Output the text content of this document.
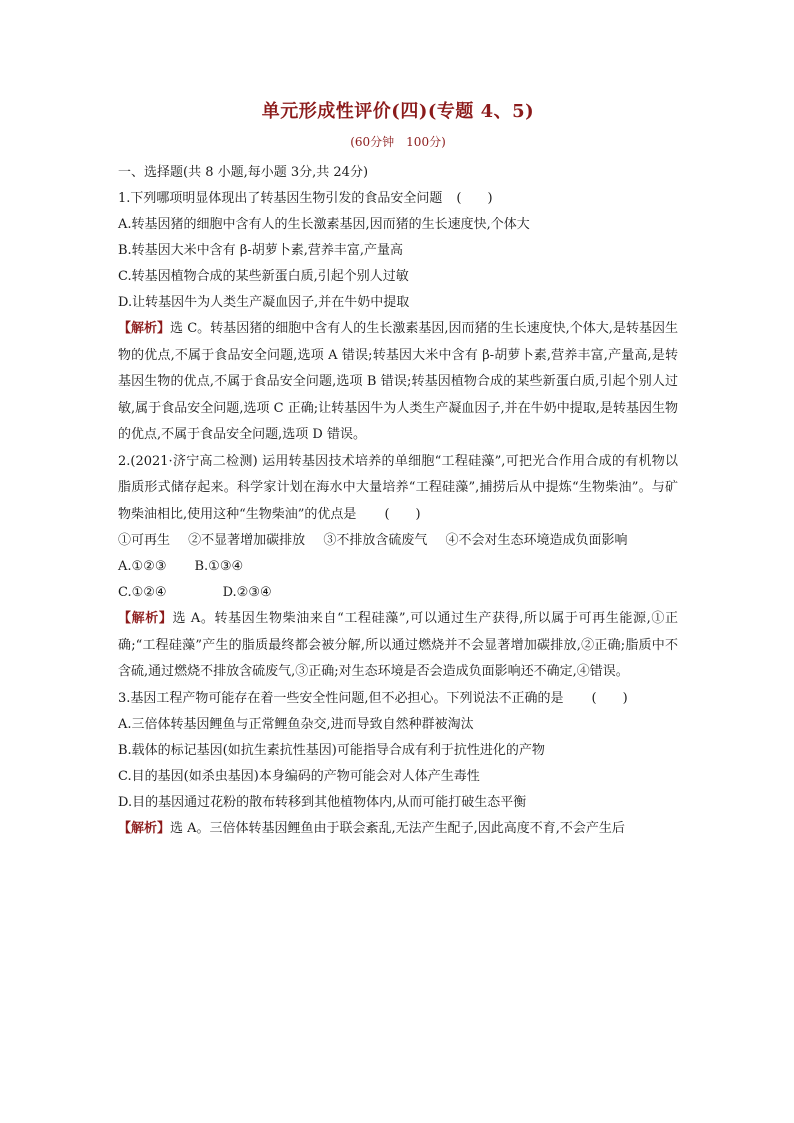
单元形成性评价(四)(专题 4、5)
(60分钟　100分)

一、选择题(共 8 小题,每小题 3分,共 24分)

1.下列哪项明显体现出了转基因生物引发的食品安全问题 (　　)

A.转基因猪的细胞中含有人的生长激素基因,因而猪的生长速度快,个体大

B.转基因大米中含有 β-胡萝卜素,营养丰富,产量高

C.转基因植物合成的某些新蛋白质,引起个别人过敏

D.让转基因牛为人类生产凝血因子,并在牛奶中提取

【解析】选 C。转基因猪的细胞中含有人的生长激素基因,因而猪的生长速度快,个体大,是转基因生物的优点,不属于食品安全问题,选项 A 错误;转基因大米中含有 β-胡萝卜素,营养丰富,产量高,是转基因生物的优点,不属于食品安全问题,选项 B 错误;转基因植物合成的某些新蛋白质,引起个别人过敏,属于食品安全问题,选项 C 正确;让转基因牛为人类生产凝血因子,并在牛奶中提取,是转基因生物的优点,不属于食品安全问题,选项 D 错误。

2.(2021·济宁高二检测) 运用转基因技术培养的单细胞“工程硅藻”,可把光合作用合成的有机物以脂质形式储存起来。科学家计划在海水中大量培养“工程硅藻”,捕捞后从中提炼“生物柴油”。与矿物柴油相比,使用这种“生物柴油”的优点是 (　　)

①可再生 ②不显著增加碳排放 ③不排放含硫废气 ④不会对生态环境造成负面影响

A.①②③ B.①③④

C.①②④	D.②③④

【解析】选 A。转基因生物柴油来自“工程硅藻”,可以通过生产获得,所以属于可再生能源,①正确;“工程硅藻”产生的脂质最终都会被分解,所以通过燃烧并不会显著增加碳排放,②正确;脂质中不含硫,通过燃烧不排放含硫废气,③正确;对生态环境是否会造成负面影响还不确定,④错误。

3.基因工程产物可能存在着一些安全性问题,但不必担心。下列说法不正确的是 (　　)

A.三倍体转基因鲤鱼与正常鲤鱼杂交,进而导致自然种群被淘汰

B.载体的标记基因(如抗生素抗性基因)可能指导合成有利于抗性进化的产物

C.目的基因(如杀虫基因)本身编码的产物可能会对人体产生毒性

D.目的基因通过花粉的散布转移到其他植物体内,从而可能打破生态平衡

【解析】选 A。三倍体转基因鲤鱼由于联会紊乱,无法产生配子,因此高度不育,不会产生后
